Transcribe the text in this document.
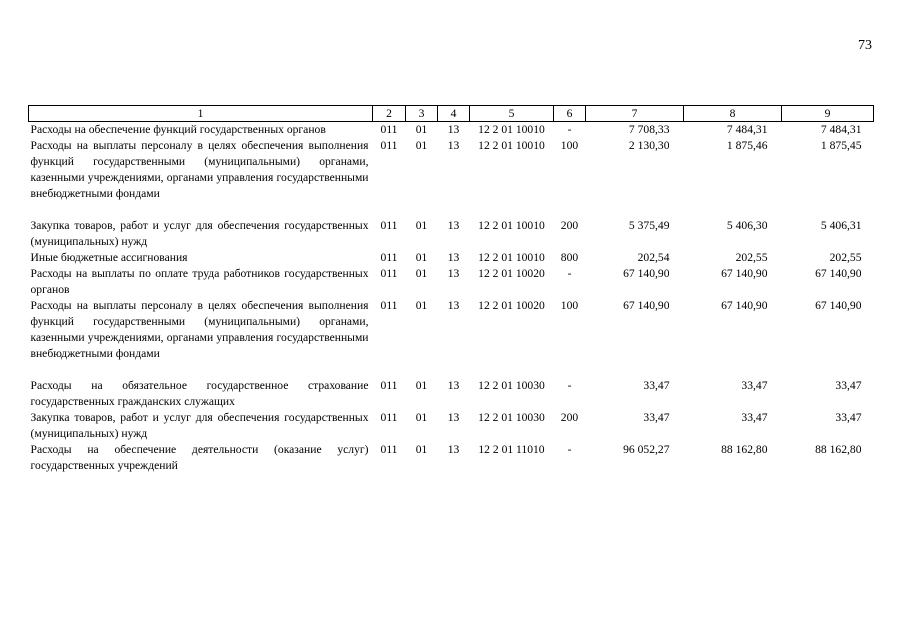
73
1	2	3	4	5	6	7	8	9
Расходы на обеспечение функций государственных органов	011	01	13	12 2 01 10010	-	7 708,33	7 484,31	7 484,31
Расходы на выплаты персоналу в целях обеспечения выполнения функций государственными (муниципальными) органами, казенными учреждениями, органами управления государственными внебюджетными фондами	011	01	13	12 2 01 10010	100	2 130,30	1 875,46	1 875,45

Закупка товаров, работ и услуг для обеспечения государственных (муниципальных) нужд	011	01	13	12 2 01 10010	200	5 375,49	5 406,30	5 406,31
Иные бюджетные ассигнования	011	01	13	12 2 01 10010	800	202,54	202,55	202,55
Расходы на выплаты по оплате труда работников государственных органов	011	01	13	12 2 01 10020	-	67 140,90	67 140,90	67 140,90
Расходы на выплаты персоналу в целях обеспечения выполнения функций государственными (муниципальными) органами, казенными учреждениями, органами управления государственными внебюджетными фондами	011	01	13	12 2 01 10020	100	67 140,90	67 140,90	67 140,90

Расходы на обязательное государственное страхование государственных гражданских служащих	011	01	13	12 2 01 10030	-	33,47	33,47	33,47
Закупка товаров, работ и услуг для обеспечения государственных (муниципальных) нужд	011	01	13	12 2 01 10030	200	33,47	33,47	33,47
Расходы на обеспечение деятельности (оказание услуг) государственных учреждений	011	01	13	12 2 01 11010	-	96 052,27	88 162,80	88 162,80
